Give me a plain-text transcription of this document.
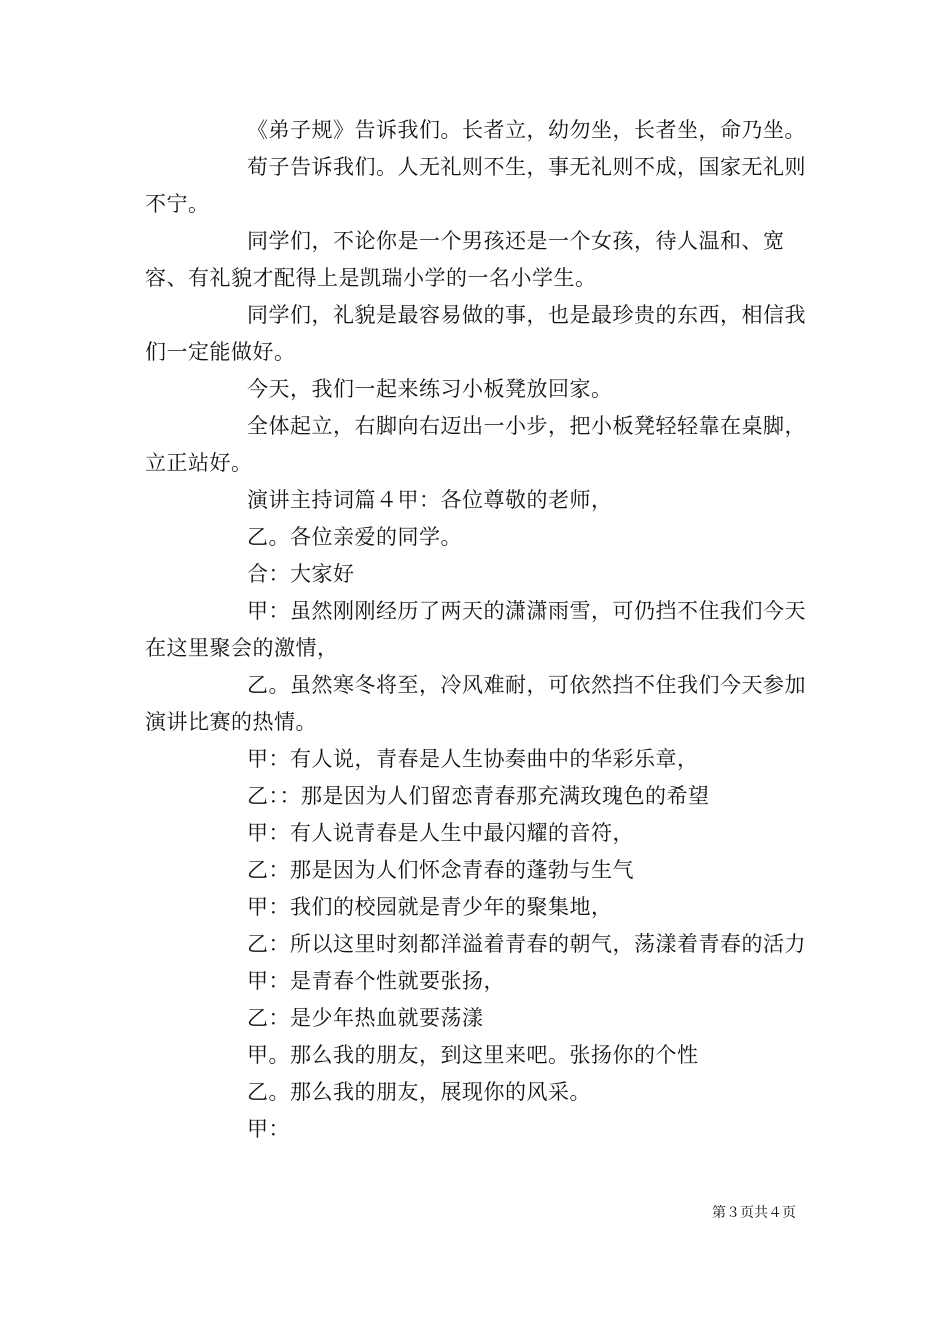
《弟子规》告诉我们。长者立，幼勿坐，长者坐，命乃坐。

荀子告诉我们。人无礼则不生，事无礼则不成，国家无礼则不宁。

同学们，不论你是一个男孩还是一个女孩，待人温和、宽容、有礼貌才配得上是凯瑞小学的一名小学生。

同学们，礼貌是最容易做的事，也是最珍贵的东西，相信我们一定能做好。

今天，我们一起来练习小板凳放回家。

全体起立，右脚向右迈出一小步，把小板凳轻轻靠在桌脚，立正站好。

演讲主持词篇４甲：各位尊敬的老师，

乙。各位亲爱的同学。

合：大家好

甲：虽然刚刚经历了两天的潇潇雨雪，可仍挡不住我们今天在这里聚会的激情，

乙。虽然寒冬将至，冷风难耐，可依然挡不住我们今天参加演讲比赛的热情。

甲：有人说，青春是人生协奏曲中的华彩乐章，

乙：：那是因为人们留恋青春那充满玫瑰色的希望

甲：有人说青春是人生中最闪耀的音符，

乙：那是因为人们怀念青春的蓬勃与生气

甲：我们的校园就是青少年的聚集地，

乙：所以这里时刻都洋溢着青春的朝气，荡漾着青春的活力

甲：是青春个性就要张扬，

乙：是少年热血就要荡漾

甲。那么我的朋友，到这里来吧。张扬你的个性

乙。那么我的朋友，展现你的风采。

甲：

第３页共４页
